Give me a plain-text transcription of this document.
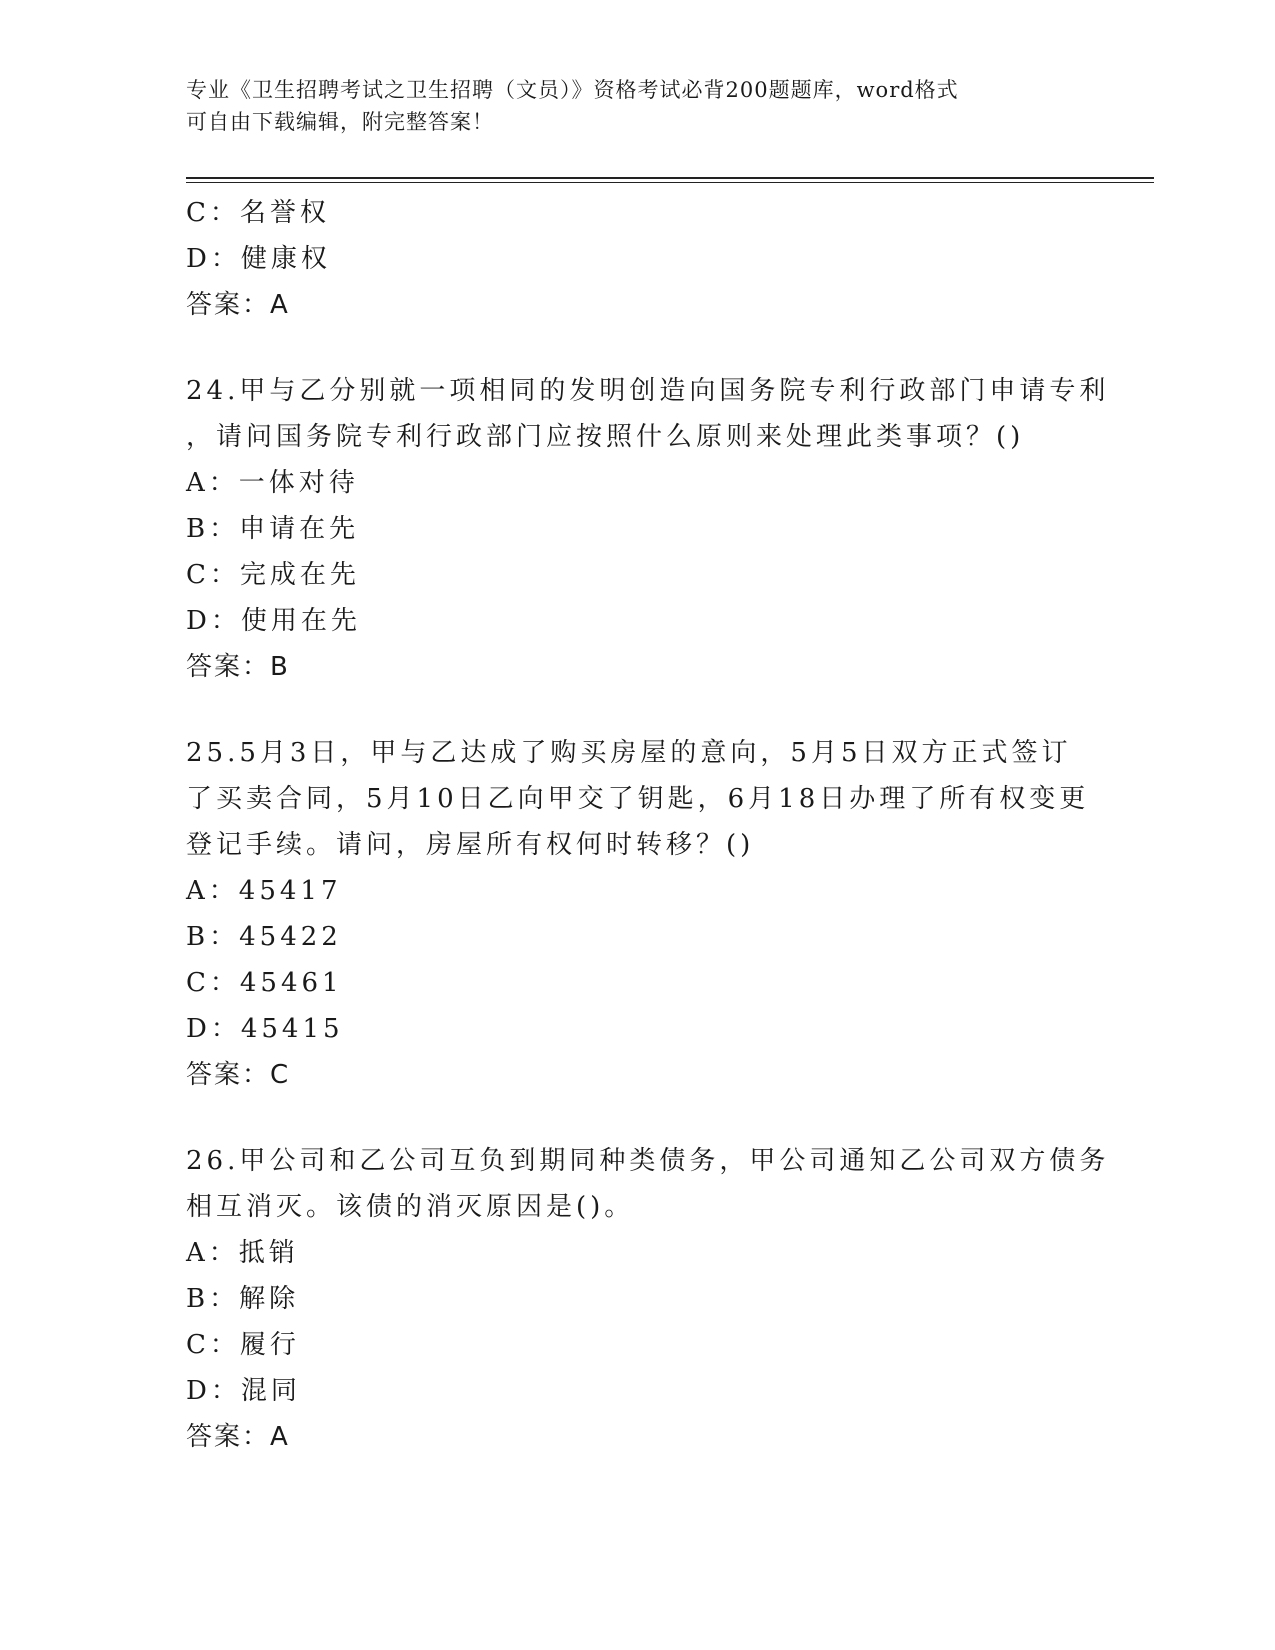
专业《卫生招聘考试之卫生招聘（文员）》资格考试必背200题题库，word格式
可自由下载编辑，附完整答案！
C：名誉权
D：健康权
答案：A
24.甲与乙分别就一项相同的发明创造向国务院专利行政部门申请专利
，请问国务院专利行政部门应按照什么原则来处理此类事项？()
A：一体对待
B：申请在先
C：完成在先
D：使用在先
答案：B
25.5月3日，甲与乙达成了购买房屋的意向，5月5日双方正式签订
了买卖合同，5月10日乙向甲交了钥匙，6月18日办理了所有权变更
登记手续。请问，房屋所有权何时转移？()
A：45417
B：45422
C：45461
D：45415
答案：C
26.甲公司和乙公司互负到期同种类债务，甲公司通知乙公司双方债务
相互消灭。该债的消灭原因是()。
A：抵销
B：解除
C：履行
D：混同
答案：A
